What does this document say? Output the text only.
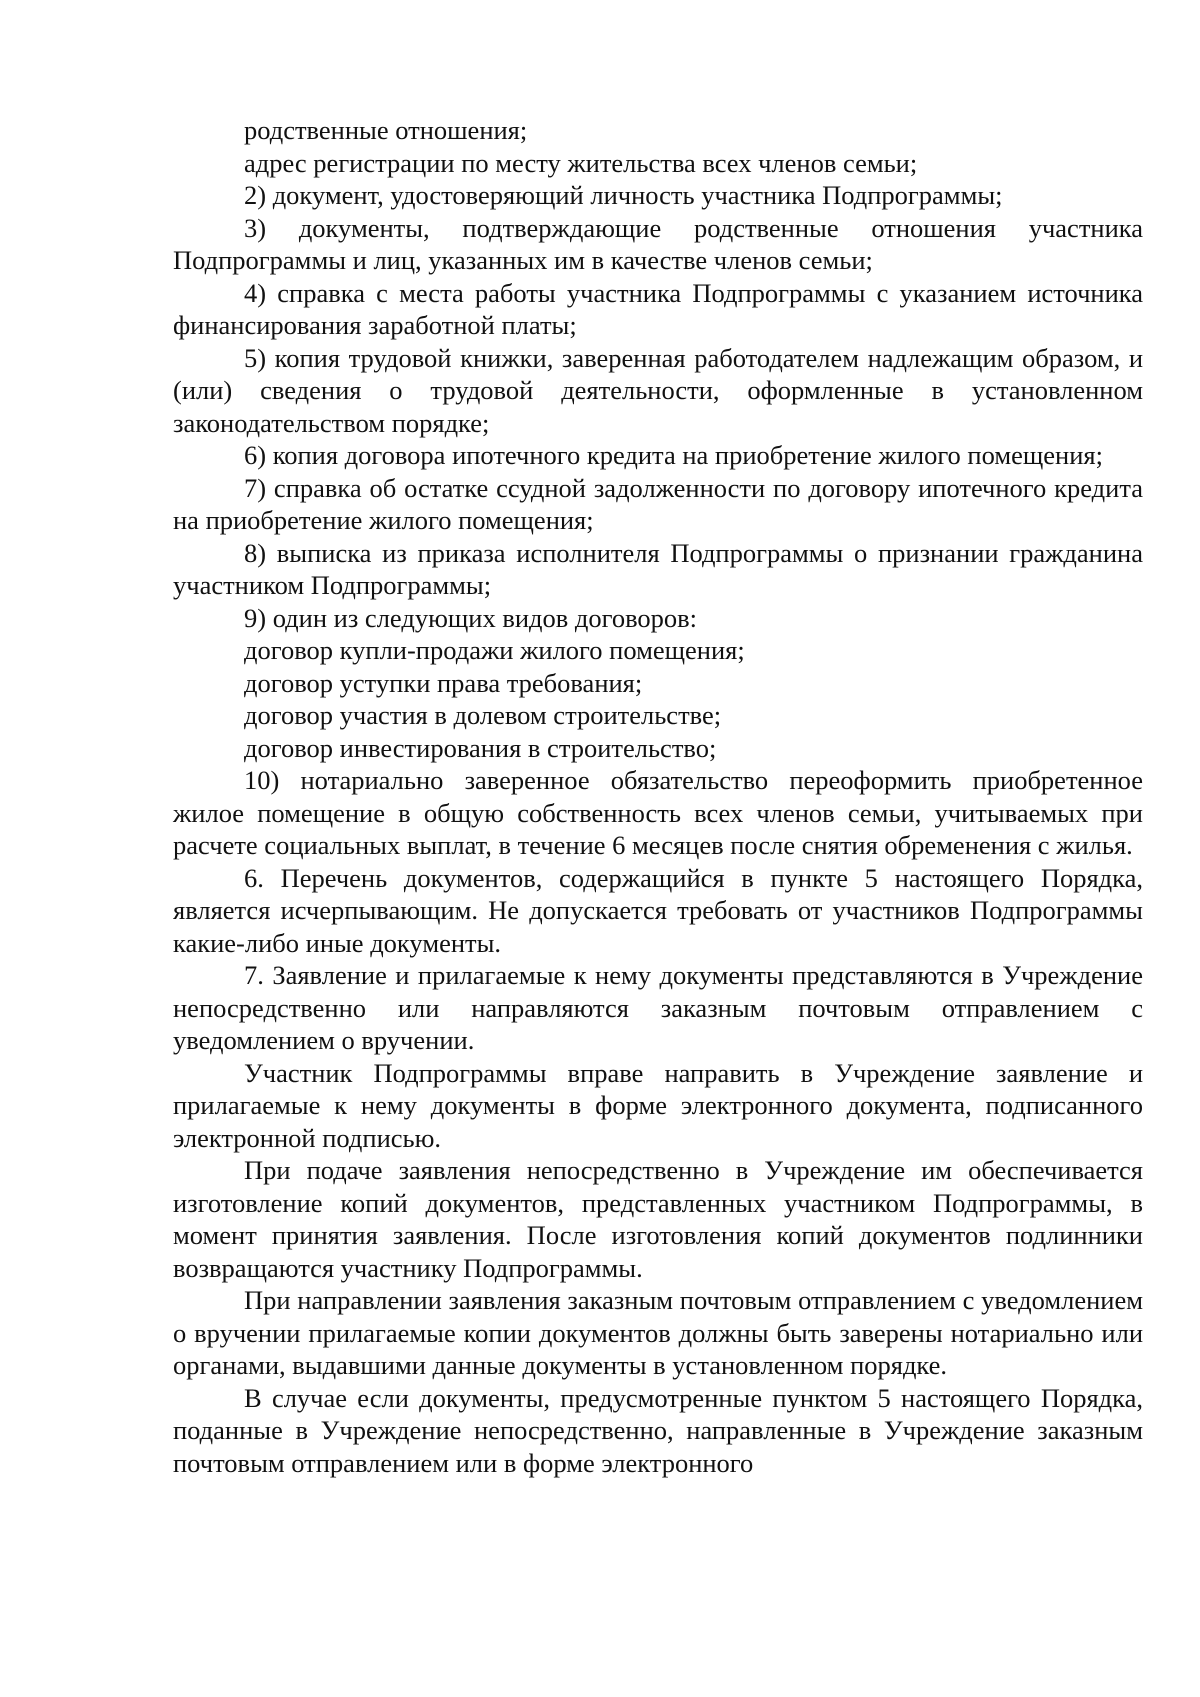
родственные отношения;

адрес регистрации по месту жительства всех членов семьи;

2) документ, удостоверяющий личность участника Подпрограммы;

3) документы, подтверждающие родственные отношения участника Подпрограммы и лиц, указанных им в качестве членов семьи;

4) справка с места работы участника Подпрограммы с указанием источника финансирования заработной платы;

5) копия трудовой книжки, заверенная работодателем надлежащим образом, и (или) сведения о трудовой деятельности, оформленные в установленном законодательством порядке;

6) копия договора ипотечного кредита на приобретение жилого помещения;

7) справка об остатке ссудной задолженности по договору ипотечного кредита на приобретение жилого помещения;

8) выписка из приказа исполнителя Подпрограммы о признании гражданина участником Подпрограммы;

9) один из следующих видов договоров:

договор купли-продажи жилого помещения;

договор уступки права требования;

договор участия в долевом строительстве;

договор инвестирования в строительство;

10) нотариально заверенное обязательство переоформить приобретенное жилое помещение в общую собственность всех членов семьи, учитываемых при расчете социальных выплат, в течение 6 месяцев после снятия обременения с жилья.

6. Перечень документов, содержащийся в пункте 5 настоящего Порядка, является исчерпывающим. Не допускается требовать от участников Подпрограммы какие-либо иные документы.

7. Заявление и прилагаемые к нему документы представляются в Учреждение непосредственно или направляются заказным почтовым отправлением с уведомлением о вручении.

Участник Подпрограммы вправе направить в Учреждение заявление и прилагаемые к нему документы в форме электронного документа, подписанного электронной подписью.

При подаче заявления непосредственно в Учреждение им обеспечивается изготовление копий документов, представленных участником Подпрограммы, в момент принятия заявления. После изготовления копий документов подлинники возвращаются участнику Подпрограммы.

При направлении заявления заказным почтовым отправлением с уведомлением о вручении прилагаемые копии документов должны быть заверены нотариально или органами, выдавшими данные документы в установленном порядке.

В случае если документы, предусмотренные пунктом 5 настоящего Порядка, поданные в Учреждение непосредственно, направленные в Учреждение заказным почтовым отправлением или в форме электронного
